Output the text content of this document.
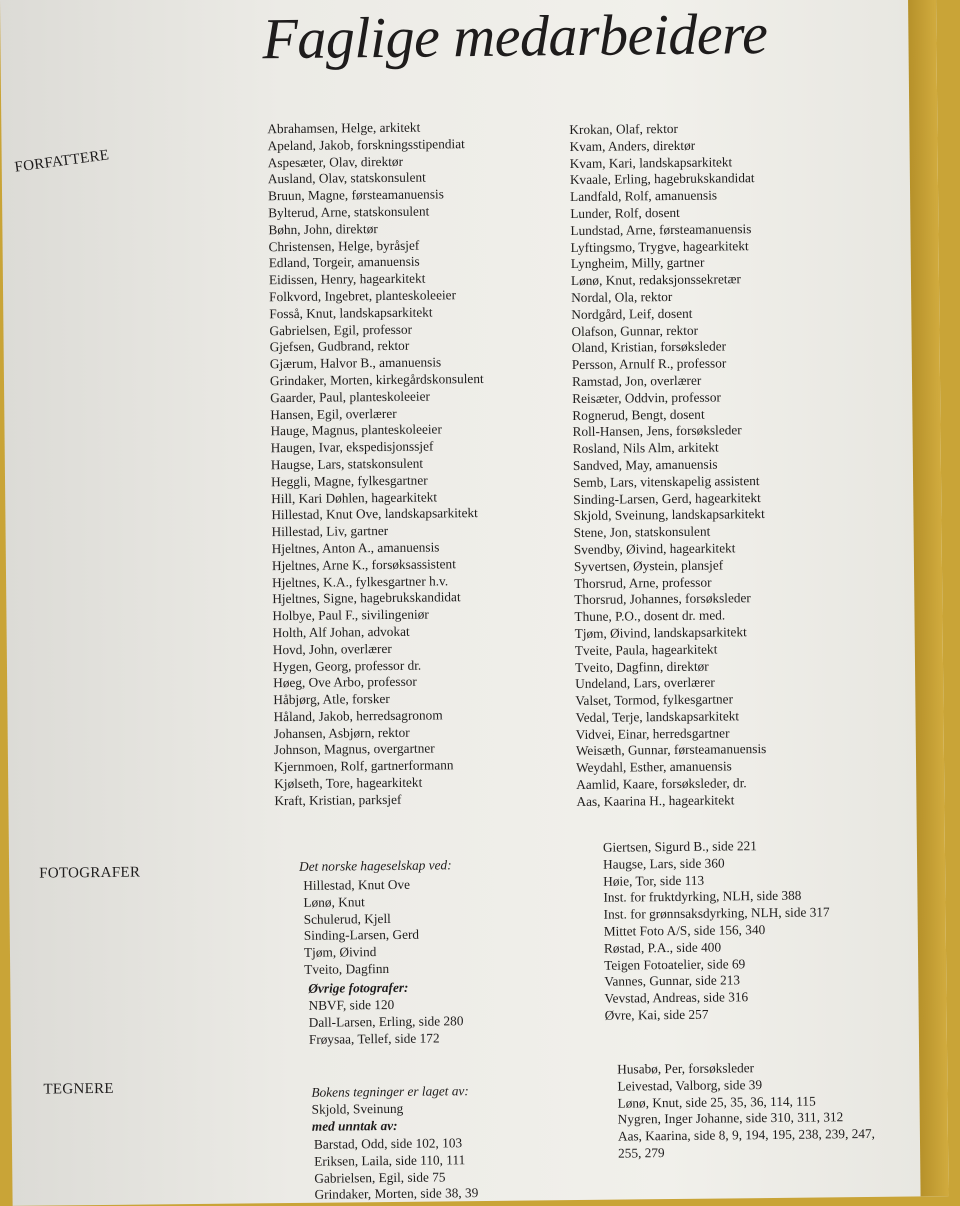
Faglige medarbeidere
FORFATTERE
Abrahamsen, Helge, arkitekt
Apeland, Jakob, forskningsstipendiat
Aspesæter, Olav, direktør
Ausland, Olav, statskonsulent
Bruun, Magne, førsteamanuensis
Bylterud, Arne, statskonsulent
Bøhn, John, direktør
Christensen, Helge, byråsjef
Edland, Torgeir, amanuensis
Eidissen, Henry, hagearkitekt
Folkvord, Ingebret, planteskoleeier
Fosså, Knut, landskapsarkitekt
Gabrielsen, Egil, professor
Gjefsen, Gudbrand, rektor
Gjærum, Halvor B., amanuensis
Grindaker, Morten, kirkegårdskonsulent
Gaarder, Paul, planteskoleeier
Hansen, Egil, overlærer
Hauge, Magnus, planteskoleeier
Haugen, Ivar, ekspedisjonssjef
Haugse, Lars, statskonsulent
Heggli, Magne, fylkesgartner
Hill, Kari Døhlen, hagearkitekt
Hillestad, Knut Ove, landskapsarkitekt
Hillestad, Liv, gartner
Hjeltnes, Anton A., amanuensis
Hjeltnes, Arne K., forsøksassistent
Hjeltnes, K.A., fylkesgartner h.v.
Hjeltnes, Signe, hagebrukskandidat
Holbye, Paul F., sivilingeniør
Holth, Alf Johan, advokat
Hovd, John, overlærer
Hygen, Georg, professor dr.
Høeg, Ove Arbo, professor
Håbjørg, Atle, forsker
Håland, Jakob, herredsagronom
Johansen, Asbjørn, rektor
Johnson, Magnus, overgartner
Kjernmoen, Rolf, gartnerformann
Kjølseth, Tore, hagearkitekt
Kraft, Kristian, parksjef
Krokan, Olaf, rektor
Kvam, Anders, direktør
Kvam, Kari, landskapsarkitekt
Kvaale, Erling, hagebrukskandidat
Landfald, Rolf, amanuensis
Lunder, Rolf, dosent
Lundstad, Arne, førsteamanuensis
Lyftingsmo, Trygve, hagearkitekt
Lyngheim, Milly, gartner
Lønø, Knut, redaksjonssekretær
Nordal, Ola, rektor
Nordgård, Leif, dosent
Olafson, Gunnar, rektor
Oland, Kristian, forsøksleder
Persson, Arnulf R., professor
Ramstad, Jon, overlærer
Reisæter, Oddvin, professor
Rognerud, Bengt, dosent
Roll-Hansen, Jens, forsøksleder
Rosland, Nils Alm, arkitekt
Sandved, May, amanuensis
Semb, Lars, vitenskapelig assistent
Sinding-Larsen, Gerd, hagearkitekt
Skjold, Sveinung, landskapsarkitekt
Stene, Jon, statskonsulent
Svendby, Øivind, hagearkitekt
Syvertsen, Øystein, plansjef
Thorsrud, Arne, professor
Thorsrud, Johannes, forsøksleder
Thune, P.O., dosent dr. med.
Tjøm, Øivind, landskapsarkitekt
Tveite, Paula, hagearkitekt
Tveito, Dagfinn, direktør
Undeland, Lars, overlærer
Valset, Tormod, fylkesgartner
Vedal, Terje, landskapsarkitekt
Vidvei, Einar, herredsgartner
Weisæth, Gunnar, førsteamanuensis
Weydahl, Esther, amanuensis
Aamlid, Kaare, forsøksleder, dr.
Aas, Kaarina H., hagearkitekt
FOTOGRAFER	Det norske hageselskap ved:
Hillestad, Knut Ove
Lønø, Knut
Schulerud, Kjell
Sinding-Larsen, Gerd
Tjøm, Øivind
Tveito, Dagfinn
Øvrige fotografer:
NBVF, side 120
Dall-Larsen, Erling, side 280
Frøysaa, Tellef, side 172
Giertsen, Sigurd B., side 221
Haugse, Lars, side 360
Høie, Tor, side 113
Inst. for fruktdyrking, NLH, side 388
Inst. for grønnsaksdyrking, NLH, side 317
Mittet Foto A/S, side 156, 340
Røstad, P.A., side 400
Teigen Fotoatelier, side 69
Vannes, Gunnar, side 213
Vevstad, Andreas, side 316
Øvre, Kai, side 257
TEGNERE	Bokens tegninger er laget av:
Skjold, Sveinung
med unntak av:
Barstad, Odd, side 102, 103
Eriksen, Laila, side 110, 111
Gabrielsen, Egil, side 75
Grindaker, Morten, side 38, 39
Husabø, Per, forsøksleder
Leivestad, Valborg, side 39
Lønø, Knut, side 25, 35, 36, 114, 115
Nygren, Inger Johanne, side 310, 311, 312
Aas, Kaarina, side 8, 9, 194, 195, 238, 239, 247,
255, 279
